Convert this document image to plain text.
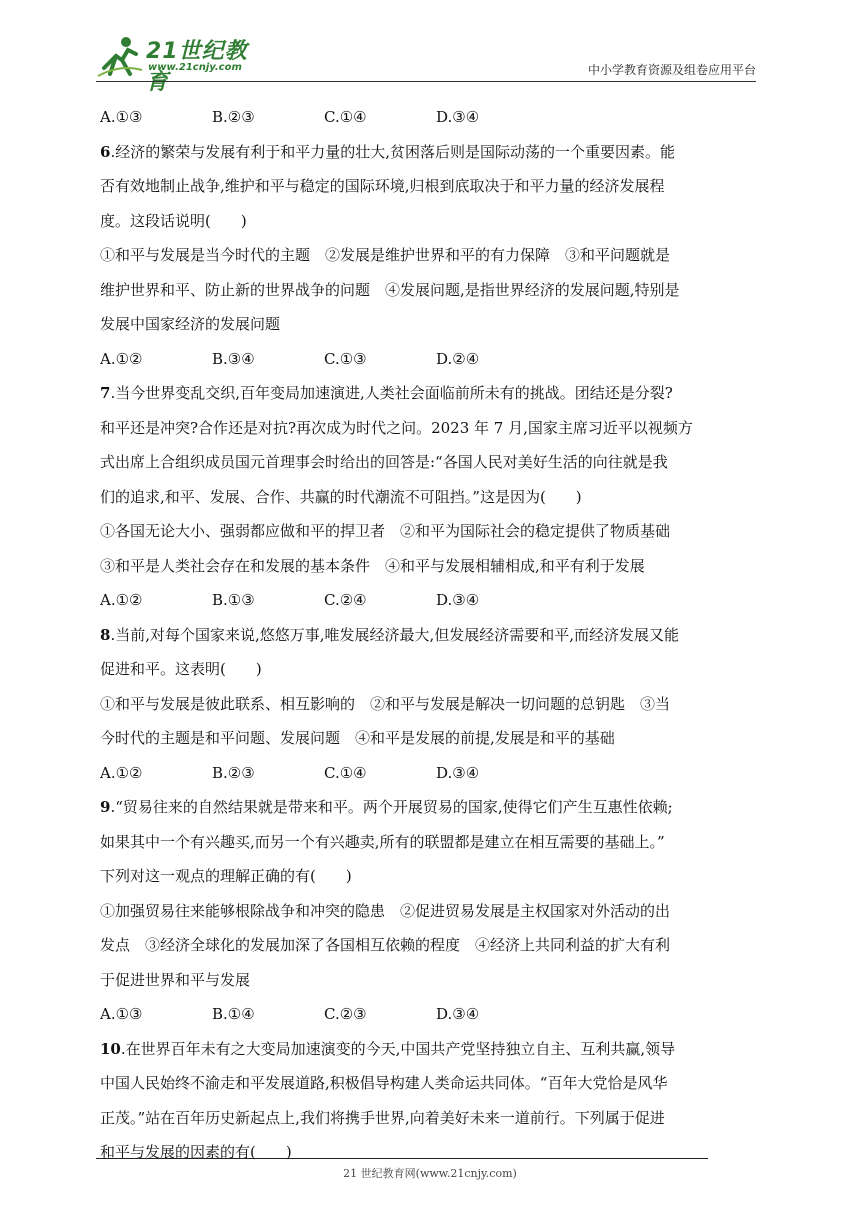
21世纪教育
www.21cnjy.com	中小学教育资源及组卷应用平台
A.①③	B.②③	C.①④	D.③④
6.经济的繁荣与发展有利于和平力量的壮大,贫困落后则是国际动荡的一个重要因素。能
否有效地制止战争,维护和平与稳定的国际环境,归根到底取决于和平力量的经济发展程
度。这段话说明(　　)
①和平与发展是当今时代的主题　②发展是维护世界和平的有力保障　③和平问题就是
维护世界和平、防止新的世界战争的问题　④发展问题,是指世界经济的发展问题,特别是
发展中国家经济的发展问题
A.①②	B.③④	C.①③	D.②④
7.当今世界变乱交织,百年变局加速演进,人类社会面临前所未有的挑战。团结还是分裂?
和平还是冲突?合作还是对抗?再次成为时代之问。2023 年 7 月,国家主席习近平以视频方
式出席上合组织成员国元首理事会时给出的回答是:“各国人民对美好生活的向往就是我
们的追求,和平、发展、合作、共赢的时代潮流不可阻挡。”这是因为(　　)
①各国无论大小、强弱都应做和平的捍卫者　②和平为国际社会的稳定提供了物质基础
③和平是人类社会存在和发展的基本条件　④和平与发展相辅相成,和平有利于发展
A.①②	B.①③	C.②④	D.③④
8.当前,对每个国家来说,悠悠万事,唯发展经济最大,但发展经济需要和平,而经济发展又能
促进和平。这表明(　　)
①和平与发展是彼此联系、相互影响的　②和平与发展是解决一切问题的总钥匙　③当
今时代的主题是和平问题、发展问题　④和平是发展的前提,发展是和平的基础
A.①②	B.②③	C.①④	D.③④
9.“贸易往来的自然结果就是带来和平。两个开展贸易的国家,使得它们产生互惠性依赖;
如果其中一个有兴趣买,而另一个有兴趣卖,所有的联盟都是建立在相互需要的基础上。”
下列对这一观点的理解正确的有(　　)
①加强贸易往来能够根除战争和冲突的隐患　②促进贸易发展是主权国家对外活动的出
发点　③经济全球化的发展加深了各国相互依赖的程度　④经济上共同利益的扩大有利
于促进世界和平与发展
A.①③	B.①④	C.②③	D.③④
10.在世界百年未有之大变局加速演变的今天,中国共产党坚持独立自主、互利共赢,领导
中国人民始终不渝走和平发展道路,积极倡导构建人类命运共同体。“百年大党恰是风华
正茂。”站在百年历史新起点上,我们将携手世界,向着美好未来一道前行。下列属于促进
和平与发展的因素的有(　　)
21 世纪教育网(www.21cnjy.com)
